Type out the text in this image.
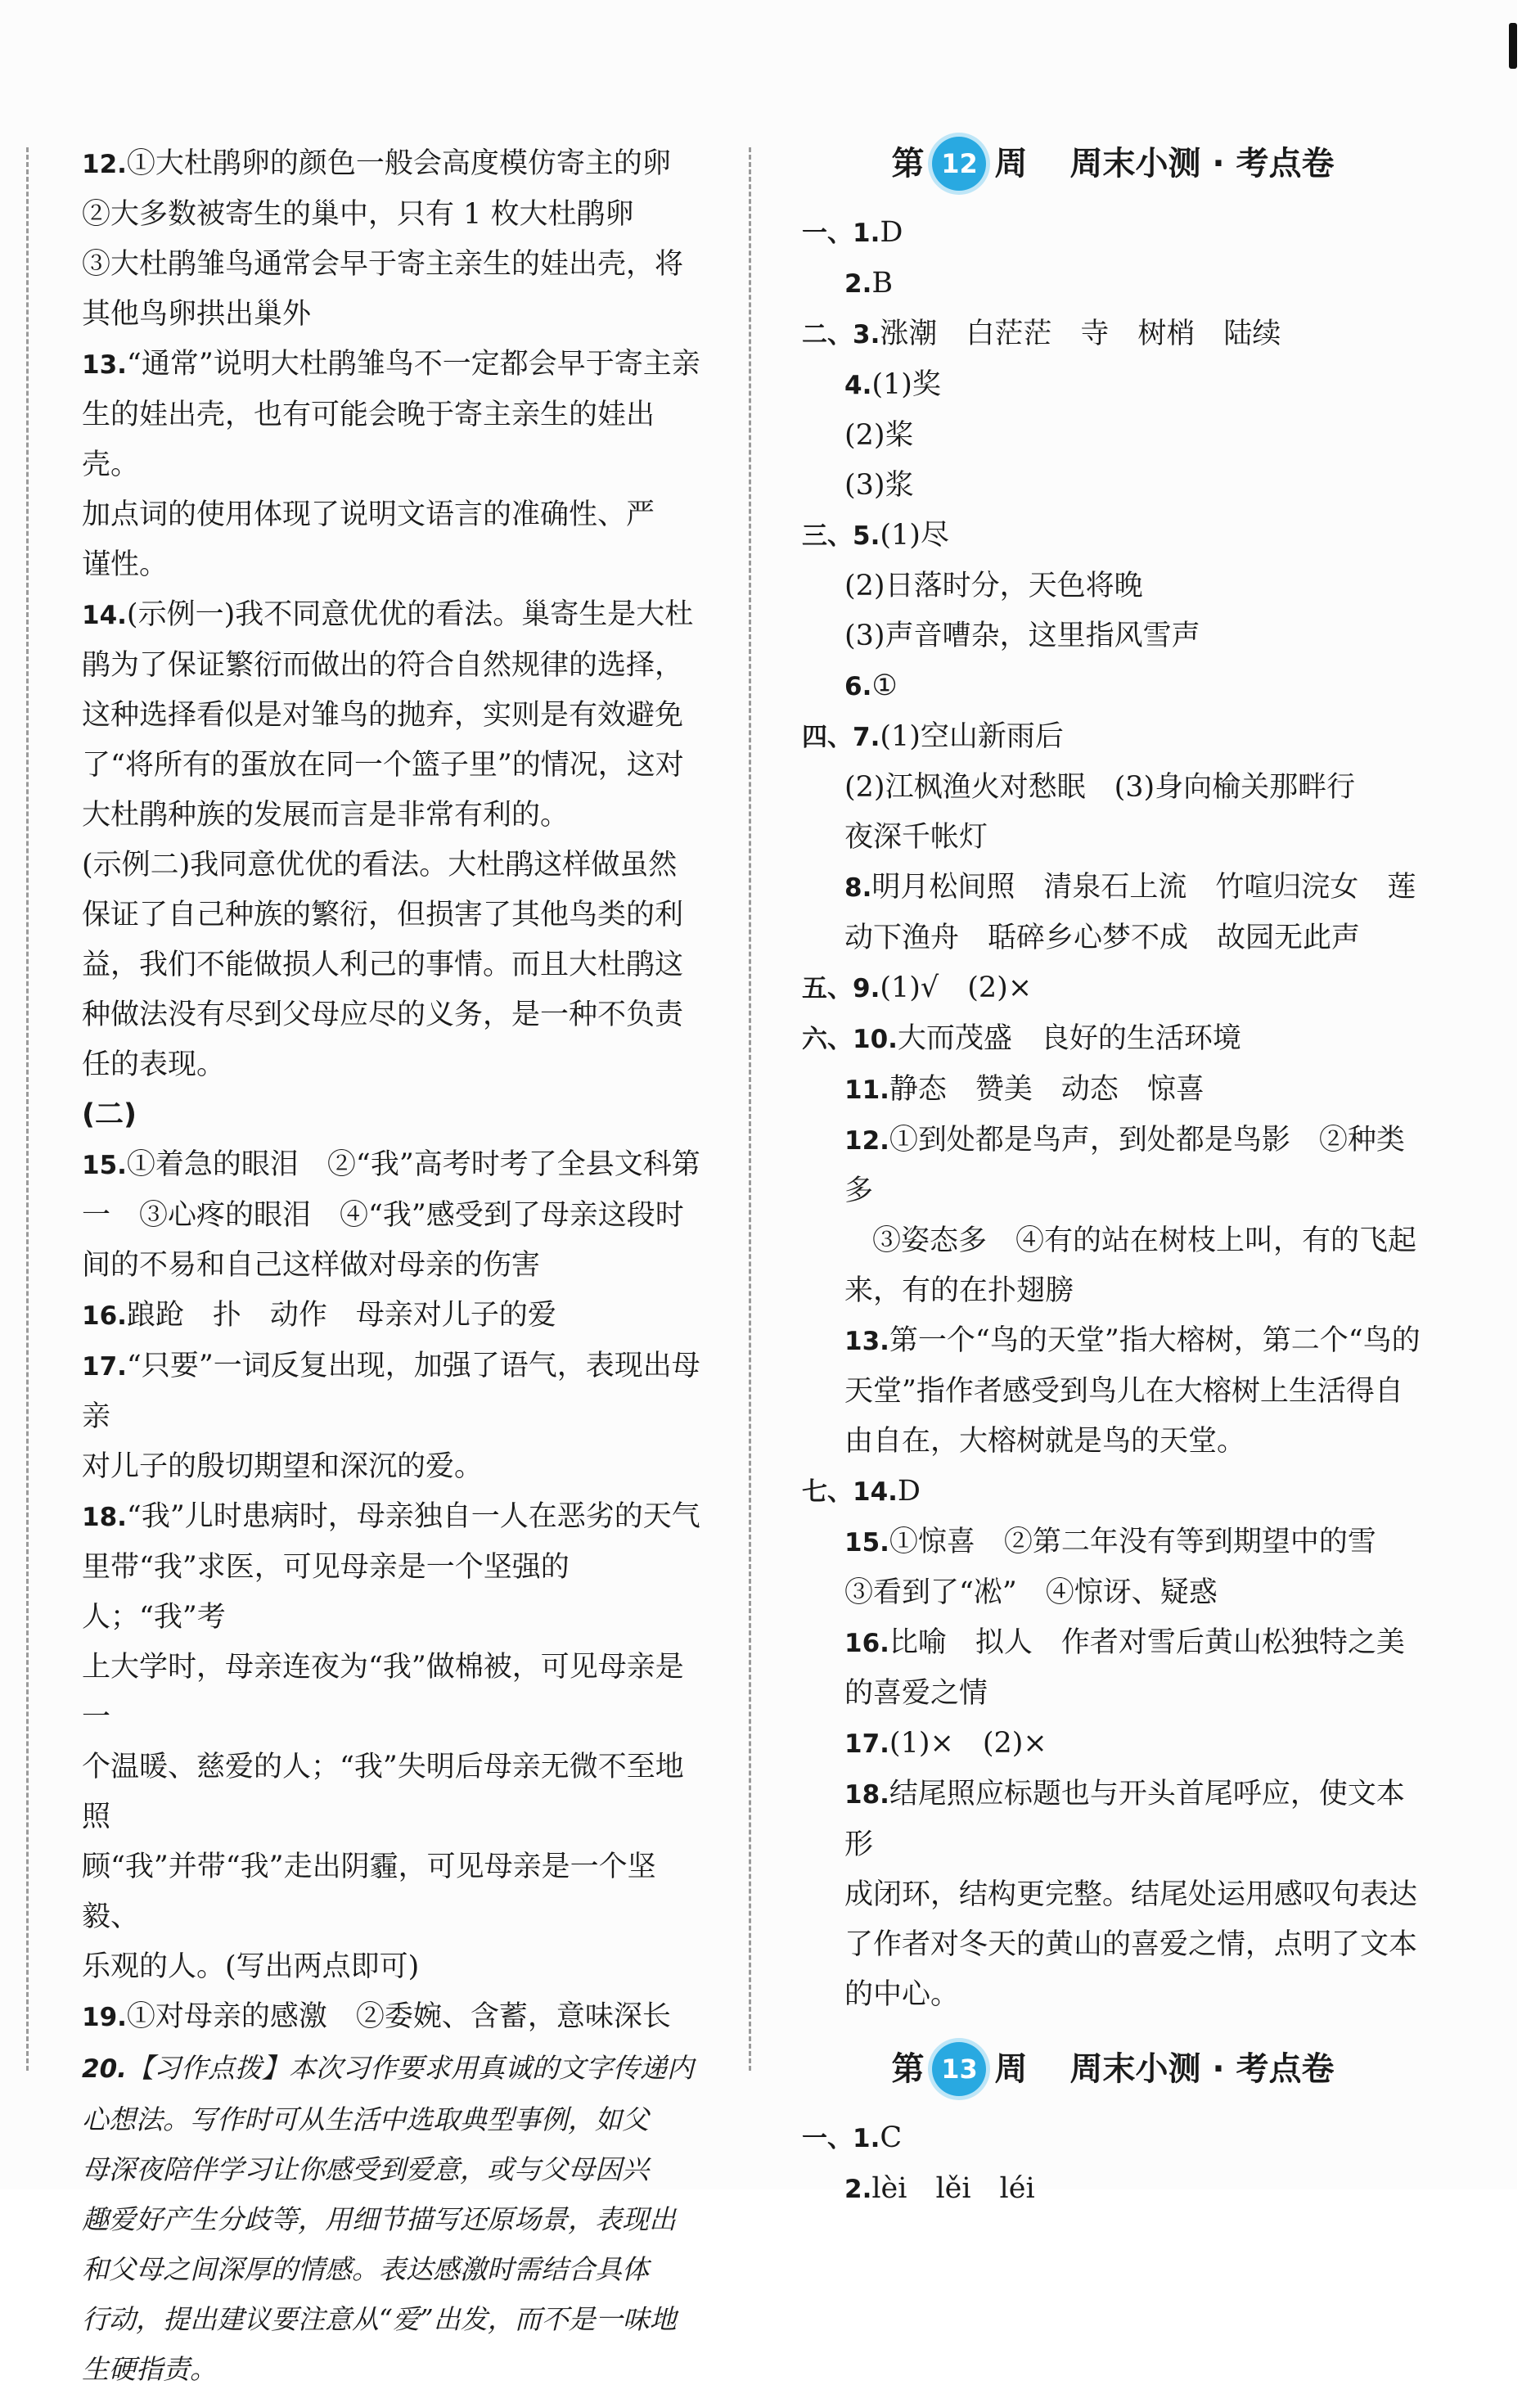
12.①大杜鹃卵的颜色一般会高度模仿寄主的卵

②大多数被寄生的巢中，只有 1 枚大杜鹃卵

③大杜鹃雏鸟通常会早于寄主亲生的娃出壳，将

其他鸟卵拱出巢外

13.“通常”说明大杜鹃雏鸟不一定都会早于寄主亲

生的娃出壳，也有可能会晚于寄主亲生的娃出壳。

加点词的使用体现了说明文语言的准确性、严

谨性。

14.(示例一)我不同意优优的看法。巢寄生是大杜

鹃为了保证繁衍而做出的符合自然规律的选择，

这种选择看似是对雏鸟的抛弃，实则是有效避免

了“将所有的蛋放在同一个篮子里”的情况，这对

大杜鹃种族的发展而言是非常有利的。

(示例二)我同意优优的看法。大杜鹃这样做虽然

保证了自己种族的繁衍，但损害了其他鸟类的利

益，我们不能做损人利己的事情。而且大杜鹃这

种做法没有尽到父母应尽的义务，是一种不负责

任的表现。

(二)

15.①着急的眼泪　②“我”高考时考了全县文科第

一　③心疼的眼泪　④“我”感受到了母亲这段时

间的不易和自己这样做对母亲的伤害

16.踉跄　扑　动作　母亲对儿子的爱

17.“只要”一词反复出现，加强了语气，表现出母亲

对儿子的殷切期望和深沉的爱。

18.“我”儿时患病时，母亲独自一人在恶劣的天气

里带“我”求医，可见母亲是一个坚强的人；“我”考

上大学时，母亲连夜为“我”做棉被，可见母亲是一

个温暖、慈爱的人；“我”失明后母亲无微不至地照

顾“我”并带“我”走出阴霾，可见母亲是一个坚毅、

乐观的人。(写出两点即可)

19.①对母亲的感激　②委婉、含蓄，意味深长

20.【习作点拨】本次习作要求用真诚的文字传递内

心想法。写作时可从生活中选取典型事例，如父

母深夜陪伴学习让你感受到爱意，或与父母因兴

趣爱好产生分歧等，用细节描写还原场景，表现出

和父母之间深厚的情感。表达感激时需结合具体

行动，提出建议要注意从“爱”出发，而不是一味地

生硬指责。

第 12 周 周末小测 · 考点卷

一、1.D

2.B

二、3.涨潮　白茫茫　寺　树梢　陆续

4.(1)奖

(2)桨

(3)浆

三、5.(1)尽

(2)日落时分，天色将晚

(3)声音嘈杂，这里指风雪声

6.①

四、7.(1)空山新雨后

(2)江枫渔火对愁眠　(3)身向榆关那畔行

夜深千帐灯

8.明月松间照　清泉石上流　竹喧归浣女　莲

动下渔舟　聒碎乡心梦不成　故园无此声

五、9.(1)√　(2)×

六、10.大而茂盛　良好的生活环境

11.静态　赞美　动态　惊喜

12.①到处都是鸟声，到处都是鸟影　②种类多

③姿态多　④有的站在树枝上叫，有的飞起

来，有的在扑翅膀

13.第一个“鸟的天堂”指大榕树，第二个“鸟的

天堂”指作者感受到鸟儿在大榕树上生活得自

由自在，大榕树就是鸟的天堂。

七、14.D

15.①惊喜　②第二年没有等到期望中的雪

③看到了“凇”　④惊讶、疑惑

16.比喻　拟人　作者对雪后黄山松独特之美

的喜爱之情

17.(1)×　(2)×

18.结尾照应标题也与开头首尾呼应，使文本形

成闭环，结构更完整。结尾处运用感叹句表达

了作者对冬天的黄山的喜爱之情，点明了文本

的中心。

第 13 周 周末小测 · 考点卷

一、1.C

2.lèi　lěi　léi
